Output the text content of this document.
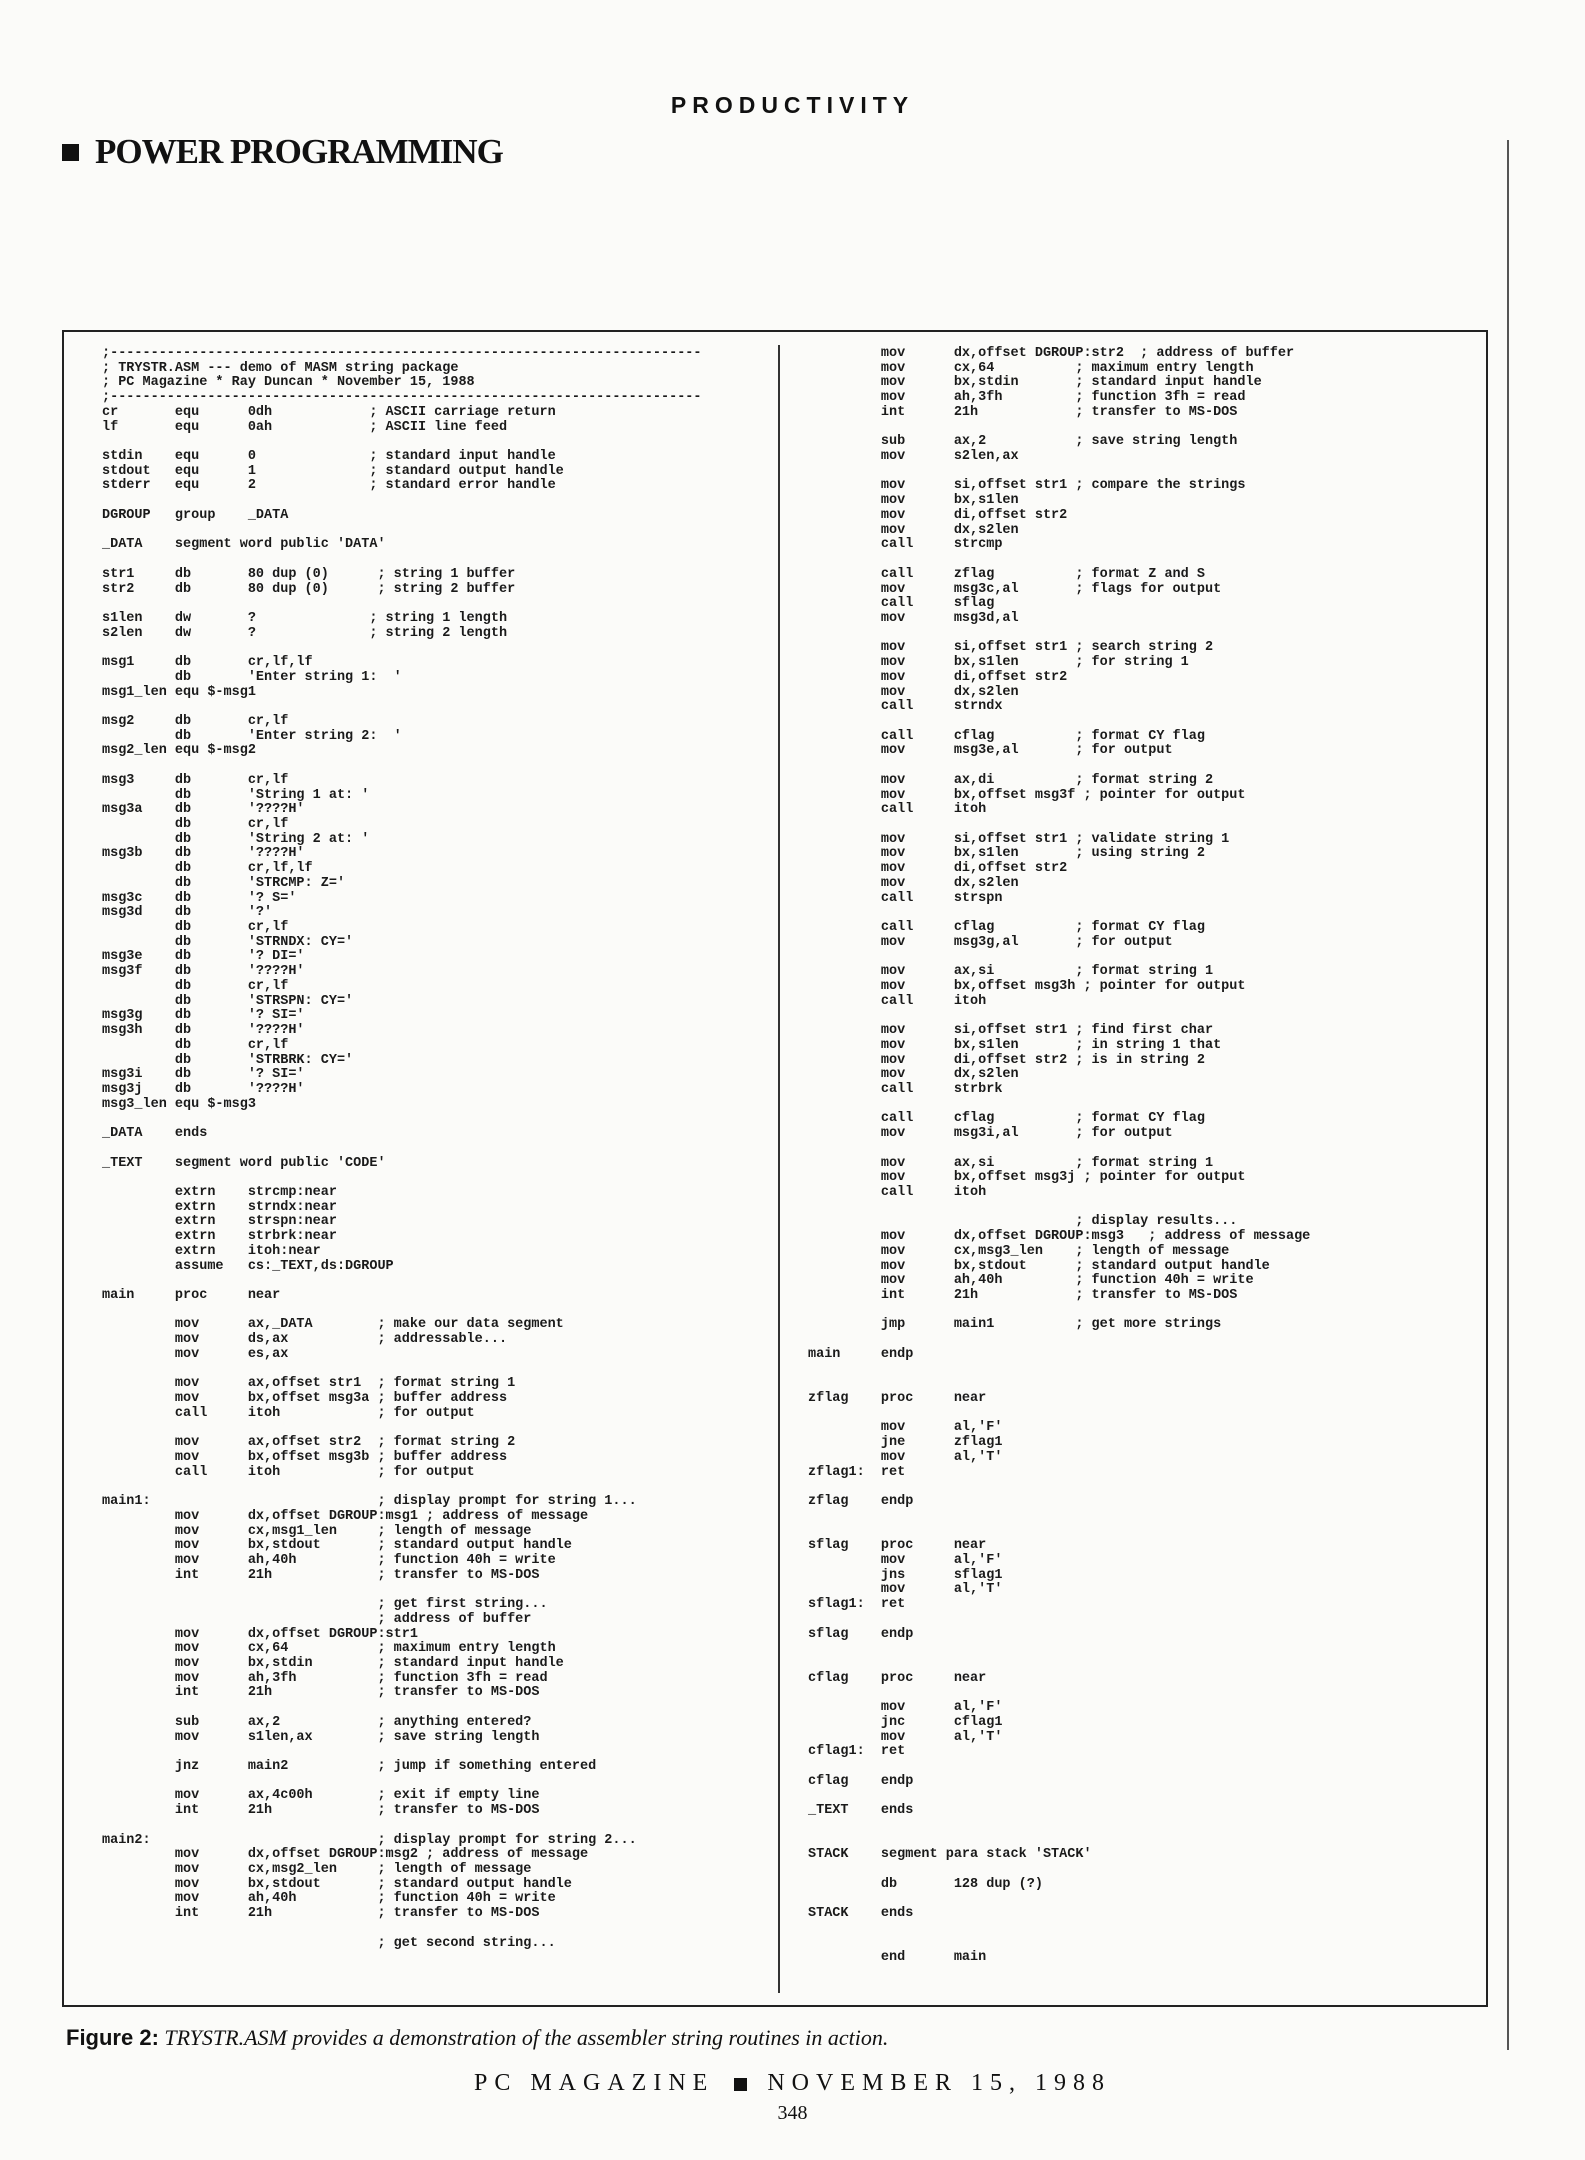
PRODUCTIVITY
POWER PROGRAMMING
;-------------------------------------------------------------------------
; TRYSTR.ASM --- demo of MASM string package
; PC Magazine * Ray Duncan * November 15, 1988
;-------------------------------------------------------------------------
cr       equ      0dh            ; ASCII carriage return
lf       equ      0ah            ; ASCII line feed

stdin    equ      0              ; standard input handle
stdout   equ      1              ; standard output handle
stderr   equ      2              ; standard error handle

DGROUP   group    _DATA

_DATA    segment word public 'DATA'

str1     db       80 dup (0)      ; string 1 buffer
str2     db       80 dup (0)      ; string 2 buffer

s1len    dw       ?              ; string 1 length
s2len    dw       ?              ; string 2 length

msg1     db       cr,lf,lf
db       'Enter string 1:  '
msg1_len equ $-msg1

msg2     db       cr,lf
db       'Enter string 2:  '
msg2_len equ $-msg2

msg3     db       cr,lf
db       'String 1 at: '
msg3a    db       '????H'
db       cr,lf
db       'String 2 at: '
msg3b    db       '????H'
db       cr,lf,lf
db       'STRCMP: Z='
msg3c    db       '? S='
msg3d    db       '?'
db       cr,lf
db       'STRNDX: CY='
msg3e    db       '? DI='
msg3f    db       '????H'
db       cr,lf
db       'STRSPN: CY='
msg3g    db       '? SI='
msg3h    db       '????H'
db       cr,lf
db       'STRBRK: CY='
msg3i    db       '? SI='
msg3j    db       '????H'
msg3_len equ $-msg3

_DATA    ends

_TEXT    segment word public 'CODE'

extrn    strcmp:near
extrn    strndx:near
extrn    strspn:near
extrn    strbrk:near
extrn    itoh:near
assume   cs:_TEXT,ds:DGROUP

main     proc     near

mov      ax,_DATA        ; make our data segment
mov      ds,ax           ; addressable...
mov      es,ax

mov      ax,offset str1  ; format string 1
mov      bx,offset msg3a ; buffer address
call     itoh            ; for output

mov      ax,offset str2  ; format string 2
mov      bx,offset msg3b ; buffer address
call     itoh            ; for output

main1:                            ; display prompt for string 1...
mov      dx,offset DGROUP:msg1 ; address of message
mov      cx,msg1_len     ; length of message
mov      bx,stdout       ; standard output handle
mov      ah,40h          ; function 40h = write
int      21h             ; transfer to MS-DOS

; get first string...
; address of buffer
mov      dx,offset DGROUP:str1
mov      cx,64           ; maximum entry length
mov      bx,stdin        ; standard input handle
mov      ah,3fh          ; function 3fh = read
int      21h             ; transfer to MS-DOS

sub      ax,2            ; anything entered?
mov      s1len,ax        ; save string length

jnz      main2           ; jump if something entered

mov      ax,4c00h        ; exit if empty line
int      21h             ; transfer to MS-DOS

main2:                            ; display prompt for string 2...
mov      dx,offset DGROUP:msg2 ; address of message
mov      cx,msg2_len     ; length of message
mov      bx,stdout       ; standard output handle
mov      ah,40h          ; function 40h = write
int      21h             ; transfer to MS-DOS

; get second string...
mov      dx,offset DGROUP:str2  ; address of buffer
mov      cx,64          ; maximum entry length
mov      bx,stdin       ; standard input handle
mov      ah,3fh         ; function 3fh = read
int      21h            ; transfer to MS-DOS

sub      ax,2           ; save string length
mov      s2len,ax

mov      si,offset str1 ; compare the strings
mov      bx,s1len
mov      di,offset str2
mov      dx,s2len
call     strcmp

call     zflag          ; format Z and S
mov      msg3c,al       ; flags for output
call     sflag
mov      msg3d,al

mov      si,offset str1 ; search string 2
mov      bx,s1len       ; for string 1
mov      di,offset str2
mov      dx,s2len
call     strndx

call     cflag          ; format CY flag
mov      msg3e,al       ; for output

mov      ax,di          ; format string 2
mov      bx,offset msg3f ; pointer for output
call     itoh

mov      si,offset str1 ; validate string 1
mov      bx,s1len       ; using string 2
mov      di,offset str2
mov      dx,s2len
call     strspn

call     cflag          ; format CY flag
mov      msg3g,al       ; for output

mov      ax,si          ; format string 1
mov      bx,offset msg3h ; pointer for output
call     itoh

mov      si,offset str1 ; find first char
mov      bx,s1len       ; in string 1 that
mov      di,offset str2 ; is in string 2
mov      dx,s2len
call     strbrk

call     cflag          ; format CY flag
mov      msg3i,al       ; for output

mov      ax,si          ; format string 1
mov      bx,offset msg3j ; pointer for output
call     itoh

; display results...
mov      dx,offset DGROUP:msg3   ; address of message
mov      cx,msg3_len    ; length of message
mov      bx,stdout      ; standard output handle
mov      ah,40h         ; function 40h = write
int      21h            ; transfer to MS-DOS

jmp      main1          ; get more strings

main     endp

zflag    proc     near

mov      al,'F'
jne      zflag1
mov      al,'T'
zflag1:  ret

zflag    endp

sflag    proc     near
mov      al,'F'
jns      sflag1
mov      al,'T'
sflag1:  ret

sflag    endp

cflag    proc     near

mov      al,'F'
jnc      cflag1
mov      al,'T'
cflag1:  ret

cflag    endp

_TEXT    ends

STACK    segment para stack 'STACK'

db       128 dup (?)

STACK    ends

end      main
Figure 2: TRYSTR.ASM provides a demonstration of the assembler string routines in action.
PC MAGAZINE NOVEMBER 15, 1988
348
